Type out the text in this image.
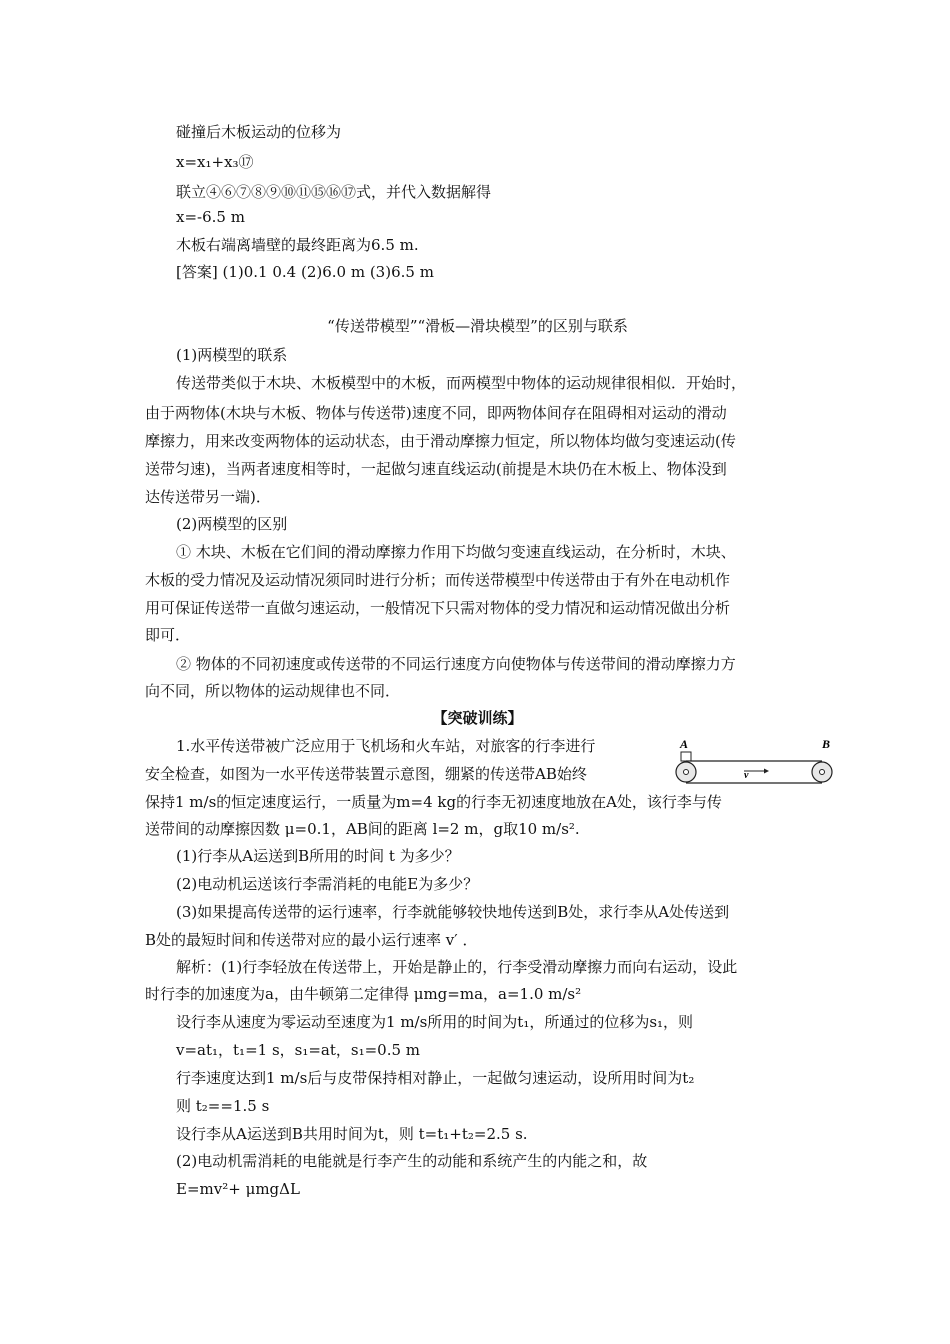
碰撞后木板运动的位移为
x=x₁+x₃⑰
联立④⑥⑦⑧⑨⑩⑪⑮⑯⑰式，并代入数据解得
x=-6.5 m
木板右端离墙壁的最终距离为6.5 m.
[答案] (1)0.1 0.4 (2)6.0 m (3)6.5 m
“传送带模型”“滑板—滑块模型”的区别与联系
(1)两模型的联系
传送带类似于木块、木板模型中的木板，而两模型中物体的运动规律很相似．开始时，
由于两物体(木块与木板、物体与传送带)速度不同，即两物体间存在阻碍相对运动的滑动
摩擦力，用来改变两物体的运动状态，由于滑动摩擦力恒定，所以物体均做匀变速运动(传
送带匀速)，当两者速度相等时，一起做匀速直线运动(前提是木块仍在木板上、物体没到
达传送带另一端)．
(2)两模型的区别
① 木块、木板在它们间的滑动摩擦力作用下均做匀变速直线运动，在分析时，木块、
木板的受力情况及运动情况须同时进行分析；而传送带模型中传送带由于有外在电动机作
用可保证传送带一直做匀速运动，一般情况下只需对物体的受力情况和运动情况做出分析
即可．
② 物体的不同初速度或传送带的不同运行速度方向使物体与传送带间的滑动摩擦力方
向不同，所以物体的运动规律也不同．
【突破训练】
1.水平传送带被广泛应用于飞机场和火车站，对旅客的行李进行
安全检查，如图为一水平传送带装置示意图，绷紧的传送带AB始终
保持1 m/s的恒定速度运行，一质量为m=4 kg的行李无初速度地放在A处，该行李与传
送带间的动摩擦因数 μ=0.1，AB间的距离 l=2 m，g取10 m/s².
(1)行李从A运送到B所用的时间 t 为多少？
(2)电动机运送该行李需消耗的电能E为多少？
(3)如果提高传送带的运行速率，行李就能够较快地传送到B处，求行李从A处传送到
B处的最短时间和传送带对应的最小运行速率 v′ ．
解析：(1)行李轻放在传送带上，开始是静止的，行李受滑动摩擦力而向右运动，设此
时行李的加速度为a，由牛顿第二定律得 μmg=ma，a=1.0 m/s²
设行李从速度为零运动至速度为1 m/s所用的时间为t₁，所通过的位移为s₁，则
v=at₁，t₁=1 s，s₁=at，s₁=0.5 m
行李速度达到1 m/s后与皮带保持相对静止，一起做匀速运动，设所用时间为t₂
则 t₂==1.5 s
设行李从A运送到B共用时间为t，则 t=t₁+t₂=2.5 s.
(2)电动机需消耗的电能就是行李产生的动能和系统产生的内能之和，故
E=mv²+ μmgΔL
A	B
v
